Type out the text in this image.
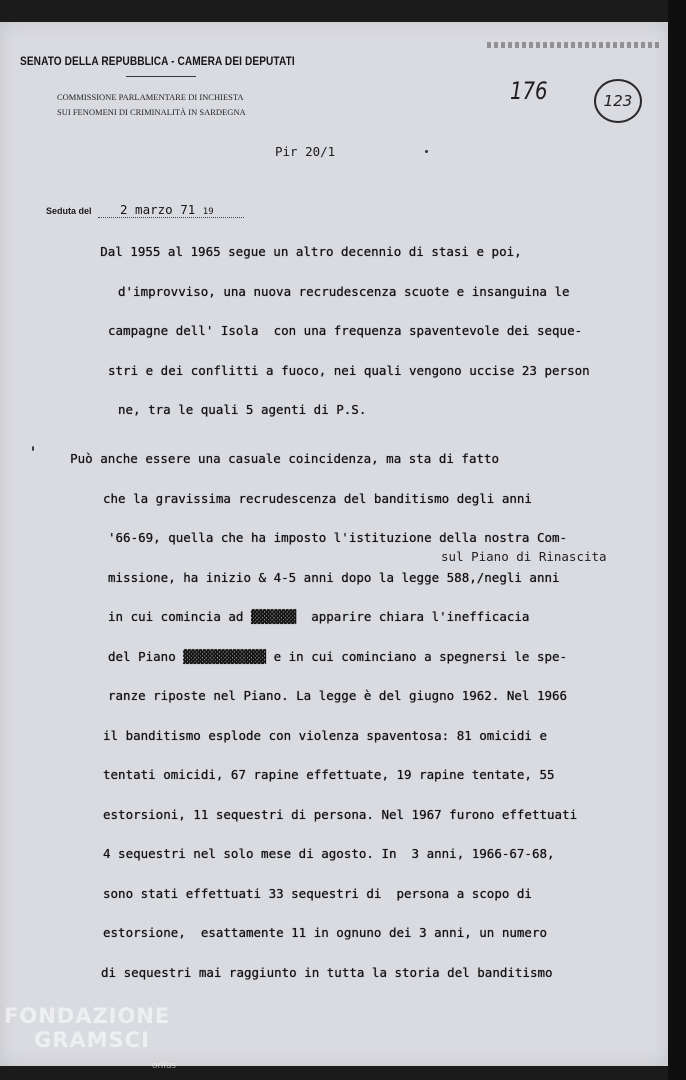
SENATO DELLA REPUBBLICA - CAMERA DEI DEPUTATI
COMMISSIONE PARLAMENTARE DI INCHIESTA
SUI FENOMENI DI CRIMINALITÀ IN SARDEGNA
176	123
Pir 20/1
Seduta del	2 marzo 71 19
Dal 1955 al 1965 segue un altro decennio di stasi e poi,
d'improvviso, una nuova recrudescenza scuote e insanguina le
campagne dell' Isola  con una frequenza spaventevole dei seque-
stri e dei conflitti a fuoco, nei quali vengono uccise 23 person
ne, tra le quali 5 agenti di P.S.
Può anche essere una casuale coincidenza, ma sta di fatto
che la gravissima recrudescenza del banditismo degli anni
'66-69, quella che ha imposto l'istituzione della nostra Com-
missione, ha inizio & 4-5 anni dopo la legge 588,/negli anni
in cui comincia ad ▓▓▓▓▓▓  apparire chiara l'inefficacia
del Piano ▓▓▓▓▓▓▓▓▓▓▓ e in cui cominciano a spegnersi le spe-
ranze riposte nel Piano. La legge è del giugno 1962. Nel 1966
il banditismo esplode con violenza spaventosa: 81 omicidi e
tentati omicidi, 67 rapine effettuate, 19 rapine tentate, 55
estorsioni, 11 sequestri di persona. Nel 1967 furono effettuati
4 sequestri nel solo mese di agosto. In  3 anni, 1966-67-68,
sono stati effettuati 33 sequestri di  persona a scopo di
estorsione,  esattamente 11 in ognuno dei 3 anni, un numero
di sequestri mai raggiunto in tutta la storia del banditismo
sul Piano di Rinascita
FONDAZIONE
GRAMSCI
onlus
